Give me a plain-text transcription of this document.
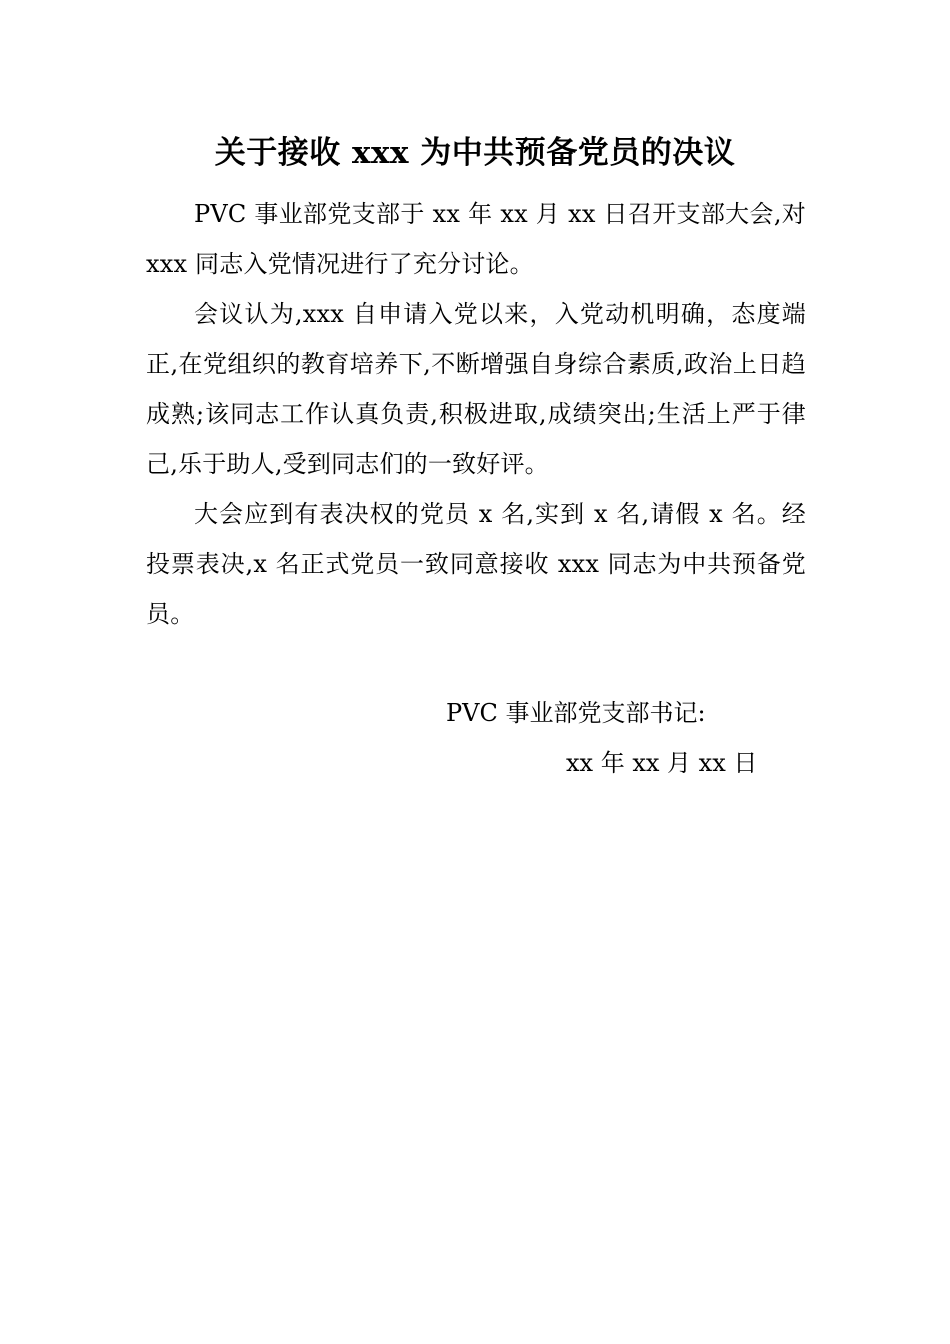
关于接收 xxx 为中共预备党员的决议

PVC 事业部党支部于 xx 年 xx 月 xx 日召开支部大会,对 xxx 同志入党情况进行了充分讨论。

会议认为,xxx 自申请入党以来，入党动机明确，态度端正,在党组织的教育培养下,不断增强自身综合素质,政治上日趋成熟;该同志工作认真负责,积极进取,成绩突出;生活上严于律己,乐于助人,受到同志们的一致好评。

大会应到有表决权的党员 x 名,实到 x 名,请假 x 名。经投票表决,x 名正式党员一致同意接收 xxx 同志为中共预备党员。

PVC 事业部党支部书记:
xx 年 xx 月 xx 日
